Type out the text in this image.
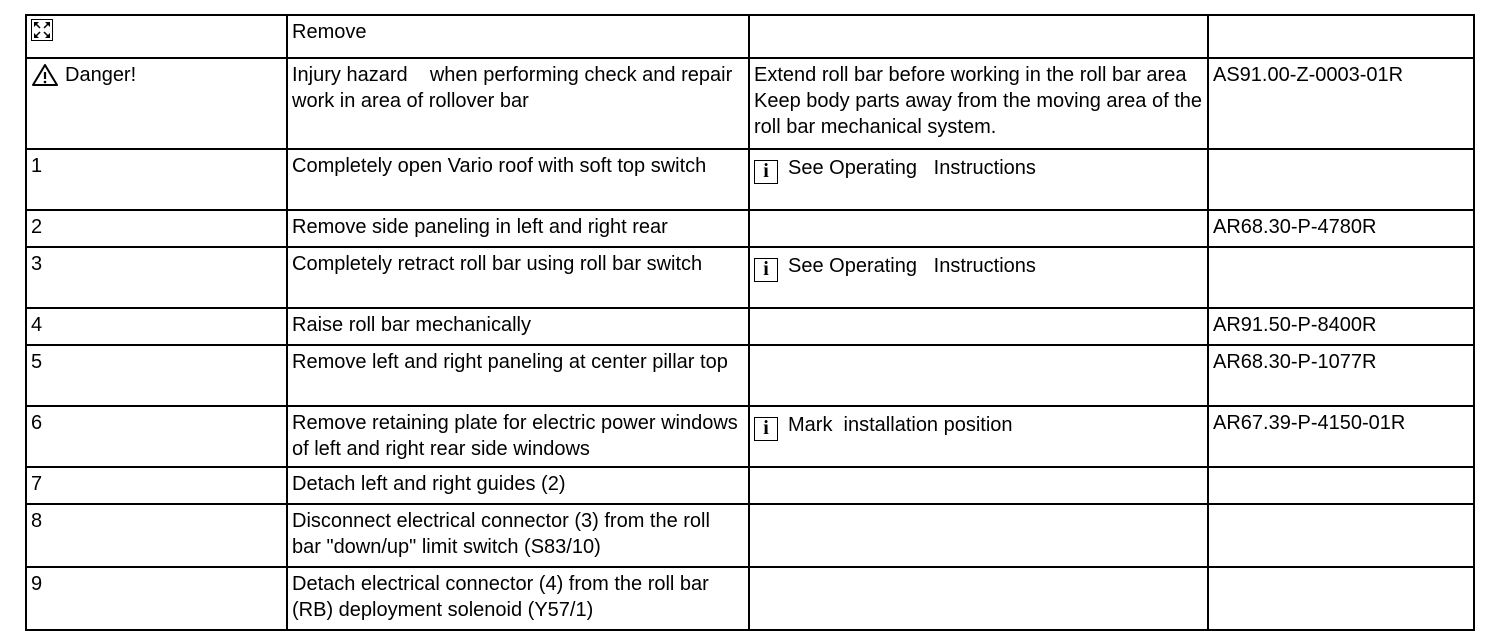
	Remove		

Danger!	Injury hazard    when performing check and repair work in area of rollover bar	Extend roll bar before working in the roll bar area Keep body parts away from the moving area of the roll bar mechanical system.	AS91.00-Z-0003-01R
1	Completely open Vario roof with soft top switch	i See Operating   Instructions	
2	Remove side paneling in left and right rear		AR68.30-P-4780R
3	Completely retract roll bar using roll bar switch	i See Operating   Instructions	
4	Raise roll bar mechanically		AR91.50-P-8400R
5	Remove left and right paneling at center pillar top		AR68.30-P-1077R
6	Remove retaining plate for electric power windows of left and right rear side windows	i Mark  installation position	AR67.39-P-4150-01R
7	Detach left and right guides (2)		
8	Disconnect electrical connector (3) from the roll bar "down/up" limit switch (S83/10)		
9	Detach electrical connector (4) from the roll bar (RB) deployment solenoid (Y57/1)		
